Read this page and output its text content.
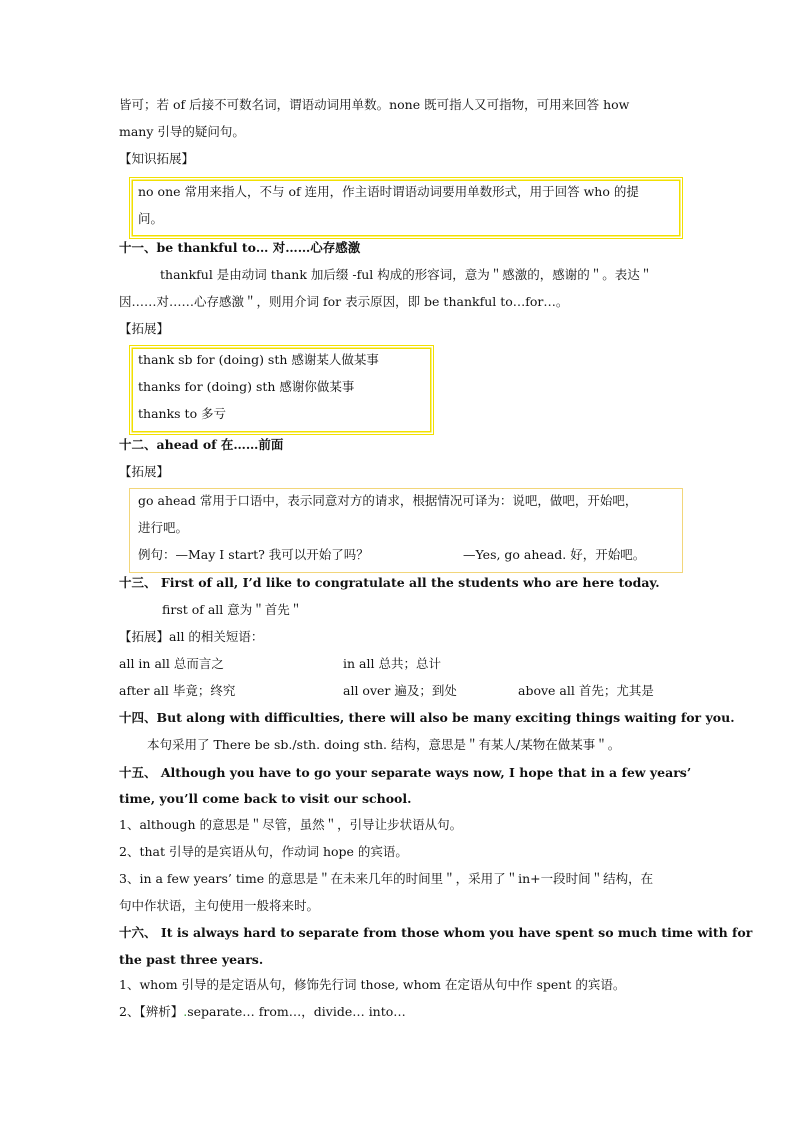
皆可；若 of 后接不可数名词，谓语动词用单数。none 既可指人又可指物，可用来回答 how
many 引导的疑问句。
【知识拓展】
no one 常用来指人，不与 of 连用，作主语时谓语动词要用单数形式，用于回答 who 的提
问。
十一、be thankful to… 对……心存感激
thankful 是由动词 thank 加后缀 -ful 构成的形容词，意为＂感激的，感谢的＂。表达＂
因……对……心存感激＂，则用介词 for 表示原因，即 be thankful to…for…。
【拓展】
thank sb for (doing) sth 感谢某人做某事
thanks for (doing) sth 感谢你做某事
thanks to 多亏
十二、ahead of 在……前面
【拓展】
go ahead 常用于口语中，表示同意对方的请求，根据情况可译为：说吧，做吧，开始吧，
进行吧。
例句：—May I start? 我可以开始了吗？	—Yes, go ahead. 好，开始吧。
十三、 First of all, I’d like to congratulate all the students who are here today.
first of all 意为＂首先＂
【拓展】all 的相关短语：
all in all 总而言之	in all 总共；总计
after all 毕竟；终究	all over 遍及；到处	above all 首先；尤其是
十四、But along with difficulties, there will also be many exciting things waiting for you.
本句采用了 There be sb./sth. doing sth. 结构，意思是＂有某人/某物在做某事＂。
十五、 Although you have to go your separate ways now, I hope that in a few years’
time, you’ll come back to visit our school.
1、although 的意思是＂尽管，虽然＂，引导让步状语从句。
2、that 引导的是宾语从句，作动词 hope 的宾语。
3、in a few years’ time 的意思是＂在未来几年的时间里＂，采用了＂in+一段时间＂结构，在
句中作状语，主句使用一般将来时。
十六、 It is always hard to separate from those whom you have spent so much time with for
the past three years.
1、whom 引导的是定语从句，修饰先行词 those, whom 在定语从句中作 spent 的宾语。
2、【辨析】.separate… from…，divide… into…
